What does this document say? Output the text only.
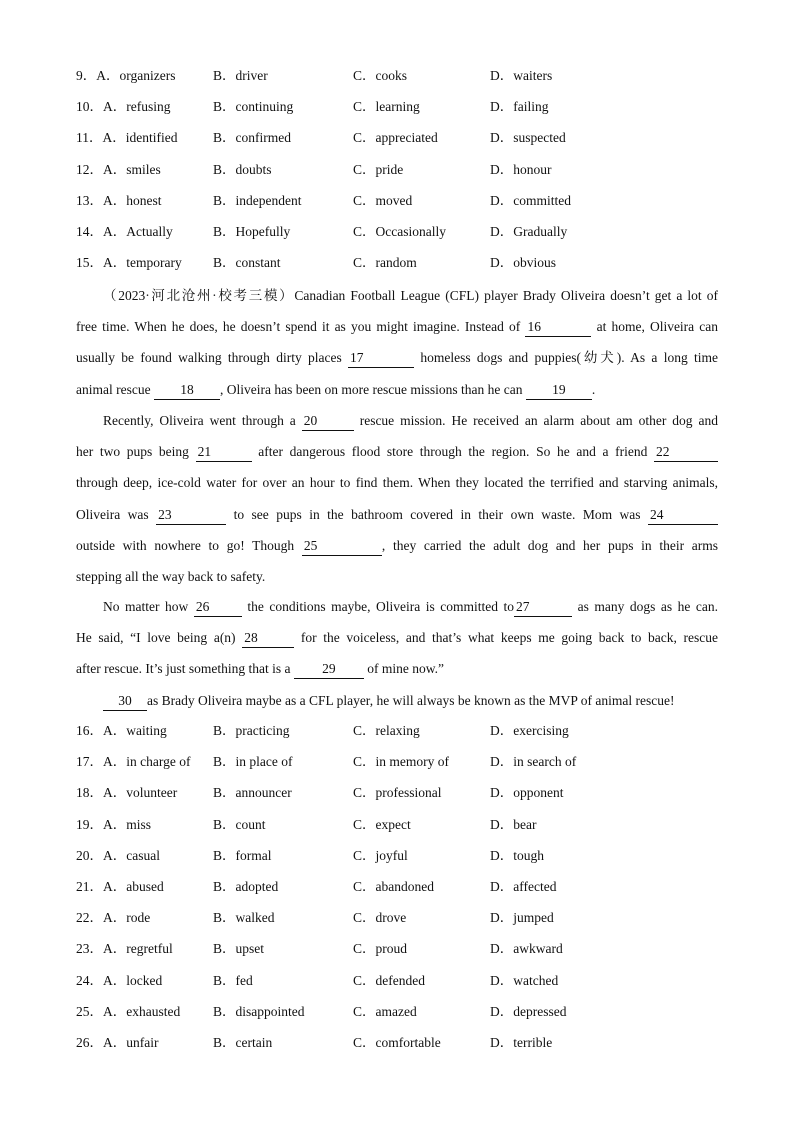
9．A．organizers	B．driver	C．cooks	D．waiters
10．A．refusing	B．continuing	C．learning	D．failing
11．A．identified	B．confirmed	C．appreciated	D．suspected
12．A．smiles	B．doubts	C．pride	D．honour
13．A．honest	B．independent	C．moved	D．committed
14．A．Actually	B．Hopefully	C．Occasionally	D．Gradually
15．A．temporary B．constant	C．random	D．obvious
（2023·河北沧州·校考三模）Canadian Football League (CFL) player Brady Oliveira doesn’t get a lot of
free time. When he does, he doesn’t spend it as you might imagine. Instead of 16	at home, Oliveira can
usually be found walking through dirty places 17	homeless dogs and puppies(幼犬). As a long time
animal rescue 18 , Oliveira has been on more rescue missions than he can 19 .
Recently, Oliveira went through a 20	rescue mission. He received an alarm about am other dog and
her two pups being 21	after dangerous flood store through the region. So he and a friend 22
through deep, ice-cold water for over an hour to find them. When they located the terrified and starving animals,
Oliveira was 23	to see pups in the bathroom covered in their own waste. Mom was 24
outside with nowhere to go! Though 25	, they carried the adult dog and her pups in their arms
stepping all the way back to safety.
No matter how 26	the conditions maybe, Oliveira is committed to 27	as many dogs as he can.
He said, “I love being a(n) 28	for the voiceless, and that’s what keeps me going back to back, rescue
after rescue. It’s just something that is a 29 of mine now.”
30 as Brady Oliveira maybe as a CFL player, he will always be known as the MVP of animal rescue!
16．A．waiting	B．practicing	C．relaxing	D．exercising
17．A．in charge of B．in place of	C．in memory of	D．in search of
18．A．volunteer	B．announcer	C．professional	D．opponent
19．A．miss	B．count	C．expect	D．bear
20．A．casual	B．formal	C．joyful	D．tough
21．A．abused	B．adopted	C．abandoned	D．affected
22．A．rode	B．walked	C．drove	D．jumped
23．A．regretful	B．upset	C．proud	D．awkward
24．A．locked	B．fed	C．defended	D．watched
25．A．exhausted B．disappointed	C．amazed	D．depressed
26．A．unfair	B．certain	C．comfortable	D．terrible
